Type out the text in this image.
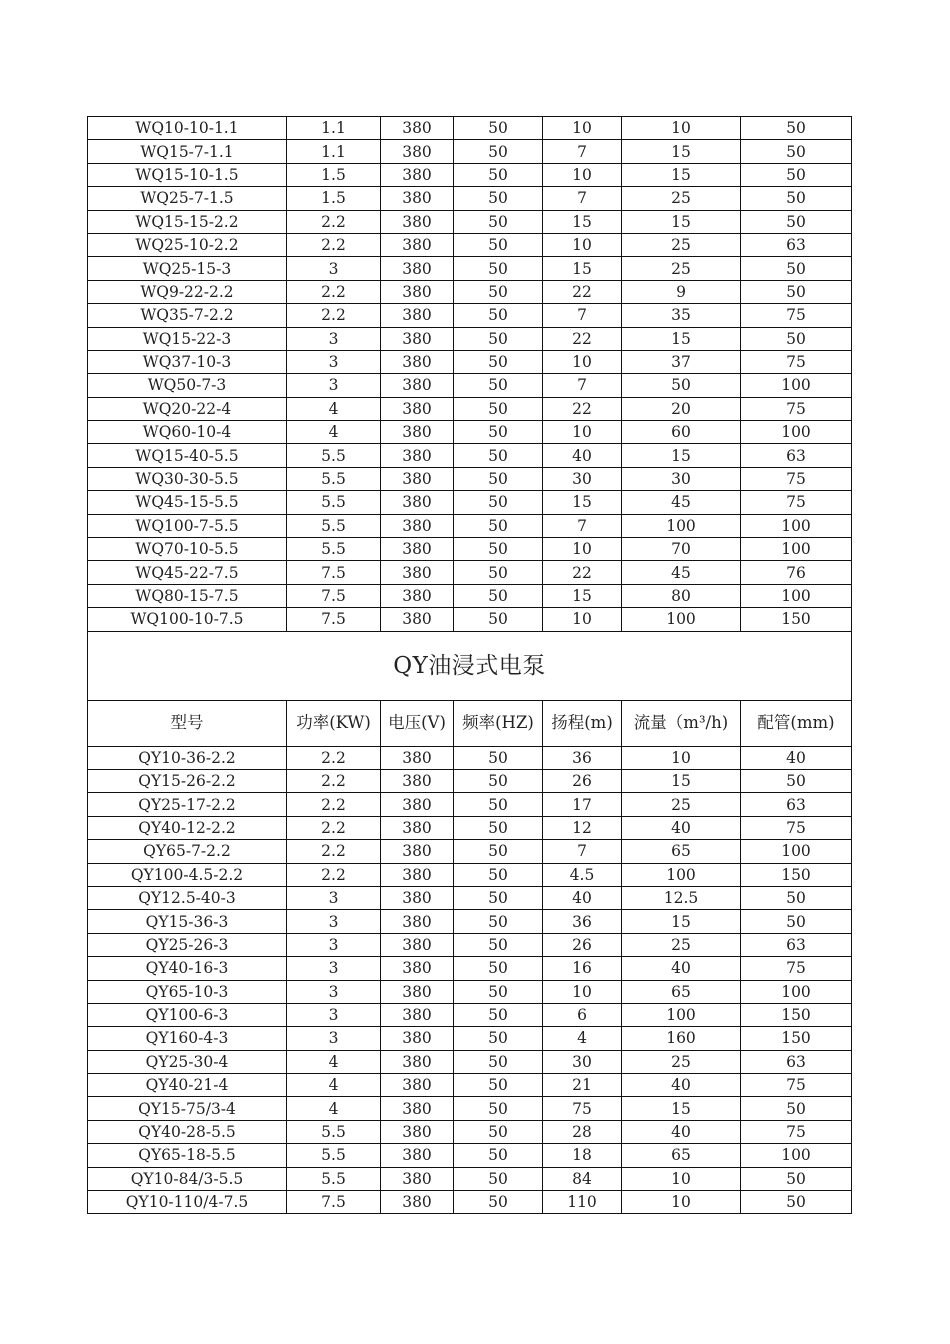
WQ10-10-1.1	1.1	380	50	10	10	50
WQ15-7-1.1	1.1	380	50	7	15	50
WQ15-10-1.5	1.5	380	50	10	15	50
WQ25-7-1.5	1.5	380	50	7	25	50
WQ15-15-2.2	2.2	380	50	15	15	50
WQ25-10-2.2	2.2	380	50	10	25	63
WQ25-15-3	3	380	50	15	25	50
WQ9-22-2.2	2.2	380	50	22	9	50
WQ35-7-2.2	2.2	380	50	7	35	75
WQ15-22-3	3	380	50	22	15	50
WQ37-10-3	3	380	50	10	37	75
WQ50-7-3	3	380	50	7	50	100
WQ20-22-4	4	380	50	22	20	75
WQ60-10-4	4	380	50	10	60	100
WQ15-40-5.5	5.5	380	50	40	15	63
WQ30-30-5.5	5.5	380	50	30	30	75
WQ45-15-5.5	5.5	380	50	15	45	75
WQ100-7-5.5	5.5	380	50	7	100	100
WQ70-10-5.5	5.5	380	50	10	70	100
WQ45-22-7.5	7.5	380	50	22	45	76
WQ80-15-7.5	7.5	380	50	15	80	100
WQ100-10-7.5	7.5	380	50	10	100	150
QY油浸式电泵						
型号	功率(KW)	电压(V)	频率(HZ)	扬程(m)	流量（m³/h)	配管(mm)
QY10-36-2.2	2.2	380	50	36	10	40
QY15-26-2.2	2.2	380	50	26	15	50
QY25-17-2.2	2.2	380	50	17	25	63
QY40-12-2.2	2.2	380	50	12	40	75
QY65-7-2.2	2.2	380	50	7	65	100
QY100-4.5-2.2	2.2	380	50	4.5	100	150
QY12.5-40-3	3	380	50	40	12.5	50
QY15-36-3	3	380	50	36	15	50
QY25-26-3	3	380	50	26	25	63
QY40-16-3	3	380	50	16	40	75
QY65-10-3	3	380	50	10	65	100
QY100-6-3	3	380	50	6	100	150
QY160-4-3	3	380	50	4	160	150
QY25-30-4	4	380	50	30	25	63
QY40-21-4	4	380	50	21	40	75
QY15-75/3-4	4	380	50	75	15	50
QY40-28-5.5	5.5	380	50	28	40	75
QY65-18-5.5	5.5	380	50	18	65	100
QY10-84/3-5.5	5.5	380	50	84	10	50
QY10-110/4-7.5	7.5	380	50	110	10	50
